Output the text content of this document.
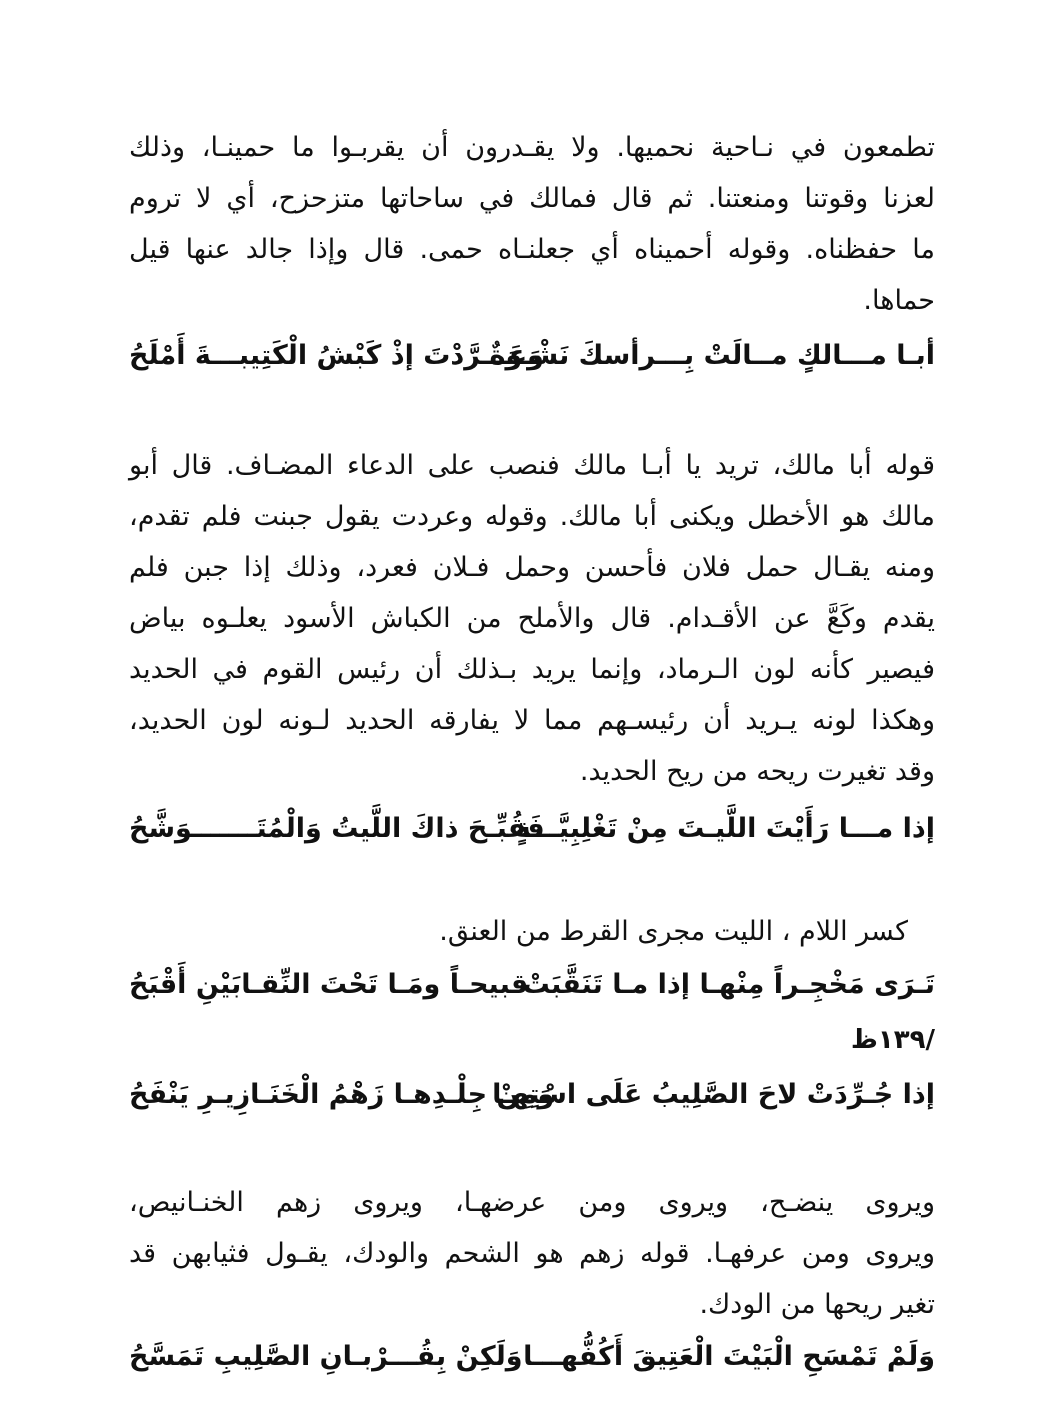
تطمعون في نـاحية نحميها. ولا يقـدرون أن يقربـوا ما حمينـا، وذلك
لعزنا وقوتنا ومنعتنا. ثم قال فمالك في ساحاتها متزحزح، أي لا تروم
ما حفظناه. وقوله أحميناه أي جعلنـاه حمى. قال وإذا جالد عنها قيل
حماها.
أبـا مـــالكٍ مــالَتْ بِـــرأسكَ نَشْـوَةٌ
وَعَـــرَّدْتَ إذْ كَبْشُ الْكَتِيبـــةَ أَمْلَحُ
قوله أبا مالك، تريد يا أبـا مالك فنصب على الدعاء المضـاف. قال أبو
مالك هو الأخطل ويكنى أبا مالك. وقوله وعردت يقول جبنت فلم تقدم،
ومنه يقـال حمل فلان فأحسن وحمل فـلان فعرد، وذلك إذا جبن فلم
يقدم وكَعَّ عن الأقـدام. قال والأملح من الكباش الأسود يعلـوه بياض
فيصير كأنه لون الـرماد، وإنما يريد بـذلك أن رئيس القوم في الحديد
وهكذا لونه يـريد أن رئيسـهم مما لا يفارقه الحديد لـونه لون الحديد،
وقد تغيرت ريحه من ريح الحديد.
إذا مـــا رَأَيْتَ اللَّيـتَ مِنْ تَغْلِبِيَّـــةٍ
فَقُبِّـحَ ذاكَ اللَّيتُ وَالْمُتَـــــــوَشَّحُ
كسر اللام ، الليت مجرى القرط من العنق.
تَـرَى مَخْجِـراً مِنْهـا إذا مـا تَنَقَّبَتْ
قبيحـاً ومَـا تَحْتَ النِّقـابَيْنِ أَقْبَحُ
/١٣٩ظ
إذا جُـرِّدَتْ لاحَ الصَّلِيبُ عَلَى اسْتِهـا
وَمِنْ جِلْـدِهـا زَهْمُ الْخَنَـازِيـرِ يَنْفَحُ
ويروى ينضـح، ويروى ومن عرضهـا، ويروى زهم الخنـانيص،
ويروى ومن عرفهـا. قوله زهم هو الشحم والودك، يقـول فثيابهن قد
تغير ريحها من الودك.
وَلَمْ تَمْسَحِ الْبَيْتَ الْعَتِيقَ أَكُفُّهـــا
وَلَكِنْ بِقُـــرْبـانِ الصَّلِيبِ تَمَسَّحُ
